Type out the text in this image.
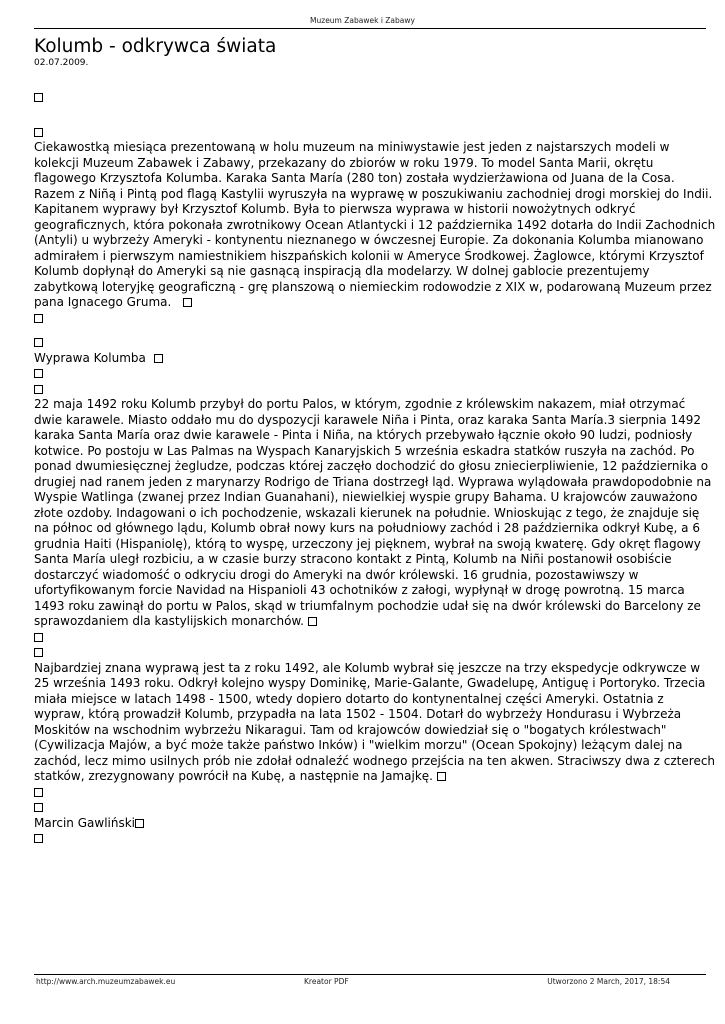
Muzeum Zabawek i Zabawy
Kolumb - odkrywca świata

02.07.2009.

Ciekawostką miesiąca prezentowaną w holu muzeum na miniwystawie jest jeden z najstarszych modeli w kolekcji Muzeum Zabawek i Zabawy, przekazany do zbiorów w roku 1979. To model Santa Marii, okrętu flagowego Krzysztofa Kolumba. Karaka Santa María (280 ton) została wydzierżawiona od Juana de la Cosa. Razem z Niñą i Pintą pod flagą Kastylii wyruszyła na wyprawę w poszukiwaniu zachodniej drogi morskiej do Indii. Kapitanem wyprawy był Krzysztof Kolumb. Była to pierwsza wyprawa w historii nowożytnych odkryć geograficznych, która pokonała zwrotnikowy Ocean Atlantycki i 12 października 1492 dotarła do Indii Zachodnich (Antyli) u wybrzeży Ameryki - kontynentu nieznanego w ówczesnej Europie. Za dokonania Kolumba mianowano admirałem i pierwszym namiestnikiem hiszpańskich kolonii w Ameryce Środkowej. Żaglowce, którymi Krzysztof Kolumb dopłynął do Ameryki są nie gasnącą inspiracją dla modelarzy. W dolnej gablocie prezentujemy zabytkową loteryjkę geograficzną - grę planszową o niemieckim rodowodzie z XIX w, podarowaną Muzeum przez pana Ignacego Gruma.

Wyprawa Kolumba

22 maja 1492 roku Kolumb przybył do portu Palos, w którym, zgodnie z królewskim nakazem, miał otrzymać dwie karawele. Miasto oddało mu do dyspozycji karawele Niña i Pinta, oraz karaka Santa María.3 sierpnia 1492 karaka Santa María oraz dwie karawele - Pinta i Niña, na których przebywało łącznie około 90 ludzi, podniosły kotwice. Po postoju w Las Palmas na Wyspach Kanaryjskich 5 września eskadra statków ruszyła na zachód. Po ponad dwumiesięcznej żegludze, podczas której zaczęło dochodzić do głosu zniecierpliwienie, 12 października o drugiej nad ranem jeden z marynarzy Rodrigo de Triana dostrzegł ląd. Wyprawa wylądowała prawdopodobnie na Wyspie Watlinga (zwanej przez Indian Guanahani), niewielkiej wyspie grupy Bahama. U krajowców zauważono złote ozdoby. Indagowani o ich pochodzenie, wskazali kierunek na południe. Wnioskując z tego, że znajduje się na północ od głównego lądu, Kolumb obrał nowy kurs na południowy zachód i 28 października odkrył Kubę, a 6 grudnia Haiti (Hispaniolę), którą to wyspę, urzeczony jej pięknem, wybrał na swoją kwaterę. Gdy okręt flagowy Santa María uległ rozbiciu, a w czasie burzy stracono kontakt z Pintą, Kolumb na Niñi postanowił osobiście dostarczyć wiadomość o odkryciu drogi do Ameryki na dwór królewski. 16 grudnia, pozostawiwszy w ufortyfikowanym forcie Navidad na Hispanioli 43 ochotników z załogi, wypłynął w drogę powrotną. 15 marca 1493 roku zawinął do portu w Palos, skąd w triumfalnym pochodzie udał się na dwór królewski do Barcelony ze sprawozdaniem dla kastylijskich monarchów.

Najbardziej znana wyprawą jest ta z roku 1492, ale Kolumb wybrał się jeszcze na trzy ekspedycje odkrywcze w 25 września 1493 roku. Odkrył kolejno wyspy Dominikę, Marie-Galante, Gwadelupę, Antiguę i Portoryko. Trzecia miała miejsce w latach 1498 - 1500, wtedy dopiero dotarto do kontynentalnej części Ameryki. Ostatnia z wypraw, którą prowadził Kolumb, przypadła na lata 1502 - 1504. Dotarł do wybrzeży Hondurasu i Wybrzeża Moskitów na wschodnim wybrzeżu Nikaragui. Tam od krajowców dowiedział się o "bogatych królestwach" (Cywilizacja Majów, a być może także państwo Inków) i "wielkim morzu" (Ocean Spokojny) leżącym dalej na zachód, lecz mimo usilnych prób nie zdołał odnaleźć wodnego przejścia na ten akwen. Straciwszy dwa z czterech statków, zrezygnowany powrócił na Kubę, a następnie na Jamajkę.

Marcin Gawliński

http://www.arch.muzeumzabawek.eu	Kreator PDF	Utworzono 2 March, 2017, 18:54
